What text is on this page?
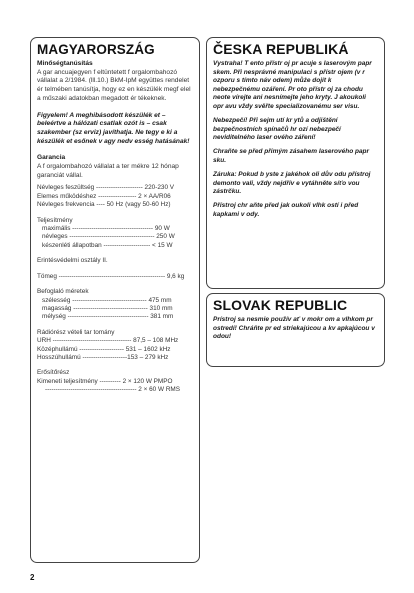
MAGYARORSZÁG
Minőségtanúsítás
A gar ancuajegyen f eltüntetett f orgalombahozó vállalat a 2/1984. (lll.10.) BkM-IpM együttes rendelet ér telmében tanúsítja, hogy ez en készülék megf elel a műszaki adatokban megadott ér tékeknek.
Figyelem! A meghibásodott készülék et – beleértve a hálózati csatlak ozót is – csak szakember (sz erviz) javíthatja. Ne tegy e ki a készülék et esőnek v agy nedv esség hatásának!
Garancia
A f orgalombahozó vállalat a ter mékre 12 hónap garanciát vállal.
Névleges feszültség ---------------------- 220-230 V
Elemes működéshez ------------------ 2 × AA/R06
Névleges frekvencia ---- 50 Hz (vagy 50-60 Hz)
Teljesítmény
maximális -------------------------------------- 90 W
névleges ---------------------------------------- 250 W
készenléti állapotban ---------------------- < 15 W
Érintésvédelmi osztály II.
Tömeg -------------------------------------------------- 9,6 kg
Befoglaló méretek
szélesség ----------------------------------- 475 mm
magasság ----------------------------------- 310 mm
mélység -------------------------------------- 381 mm
Rádiórész vételi tar tomány
URH ------------------------------------- 87,5 – 108 MHz
Középhullámú --------------------- 531 – 1602 kHz
Hosszúhullámú ---------------------153 – 279 kHz
Erősítőrész
Kimeneti teljesítmény ---------- 2 × 120 W PMPO
------------------------------------------- 2 × 60 W RMS
ČESKA REPUBLIKÁ
Vystraha! T ento přístr oj pr acuje s laserovým papr skem. Při nesprávné manipulaci s přístr ojem (v r ozporu s tímto náv odem) můże dojít k nebezpečnému ozáření. Pr oto přístr oj za chodu neote vírejte ani nesnímejte jeho kryty. J akoukoli opr avu vždy svěřte specializovanému ser visu.
Nebezpečí! Při sejm utí kr ytů a odjištění bezpečnostních spínačů hr ozí nebezpečí neviditelného laser ového záření!
Chraňte se před přímým zásahem laserového papr sku.
Záruka: Pokud b yste z jakéhok oli dův odu přístroj demonto vali, vždy nejdřív e vytáhněte síťo vou zástrčku.
Přístroj chr aňte před jak oukoli vlhk ostí i před kapkami v ody.
SLOVAK REPUBLIC
Prístroj sa nesmie použív ať v mokr om a vlhkom pr ostredí! Chráňte pr ed striekajúcou a kv apkajúcou v odou!
2
